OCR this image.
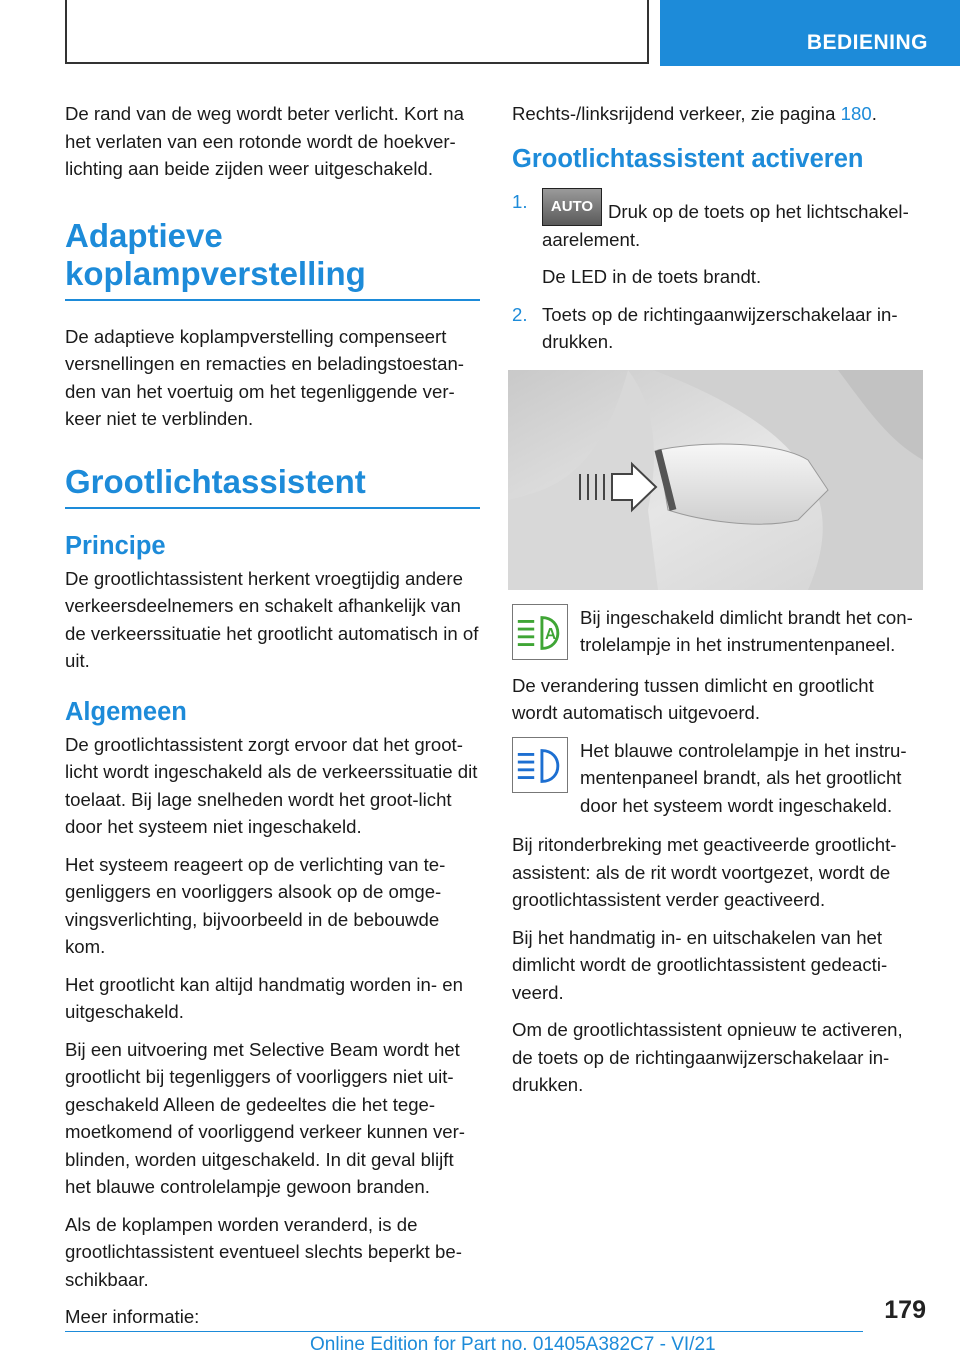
BEDIENING

De rand van de weg wordt beter verlicht. Kort na het verlaten van een rotonde wordt de hoekver-lichting aan beide zijden weer uitgeschakeld.

Adaptieve
koplampverstelling

De adaptieve koplampverstelling compenseert versnellingen en remacties en beladingstoestan-den van het voertuig om het tegenliggende ver-keer niet te verblinden.

Grootlichtassistent
Principe

De grootlichtassistent herkent vroegtijdig andere verkeersdeelnemers en schakelt afhankelijk van de verkeerssituatie het grootlicht automatisch in of uit.

Algemeen

De grootlichtassistent zorgt ervoor dat het groot-licht wordt ingeschakeld als de verkeerssituatie dit toelaat. Bij lage snelheden wordt het groot-licht door het systeem niet ingeschakeld.

Het systeem reageert op de verlichting van te-genliggers en voorliggers alsook op de omge-vingsverlichting, bijvoorbeeld in de bebouwde kom.

Het grootlicht kan altijd handmatig worden in- en uitgeschakeld.

Bij een uitvoering met Selective Beam wordt het grootlicht bij tegenliggers of voorliggers niet uit-geschakeld Alleen de gedeeltes die het tege-moetkomend of voorliggend verkeer kunnen ver-blinden, worden uitgeschakeld. In dit geval blijft het blauwe controlelampje gewoon branden.

Als de koplampen worden veranderd, is de grootlichtassistent eventueel slechts beperkt be-schikbaar.

Meer informatie:

Rechts-/linksrijdend verkeer, zie pagina 180.

Grootlichtassistent activeren
1. AUTO Druk op de toets op het lichtschakel-aarelement.

De LED in de toets brandt.

2. Toets op de richtingaanwijzerschakelaar in-drukken.

A

Bij ingeschakeld dimlicht brandt het con-trolelampje in het instrumentenpaneel.

De verandering tussen dimlicht en grootlicht wordt automatisch uitgevoerd.

Het blauwe controlelampje in het instru-mentenpaneel brandt, als het grootlicht door het systeem wordt ingeschakeld.

Bij ritonderbreking met geactiveerde grootlicht-assistent: als de rit wordt voortgezet, wordt de grootlichtassistent verder geactiveerd.

Bij het handmatig in- en uitschakelen van het dimlicht wordt de grootlichtassistent gedeacti-veerd.

Om de grootlichtassistent opnieuw te activeren, de toets op de richtingaanwijzerschakelaar in-drukken.

179
Online Edition for Part no. 01405A382C7 - VI/21
